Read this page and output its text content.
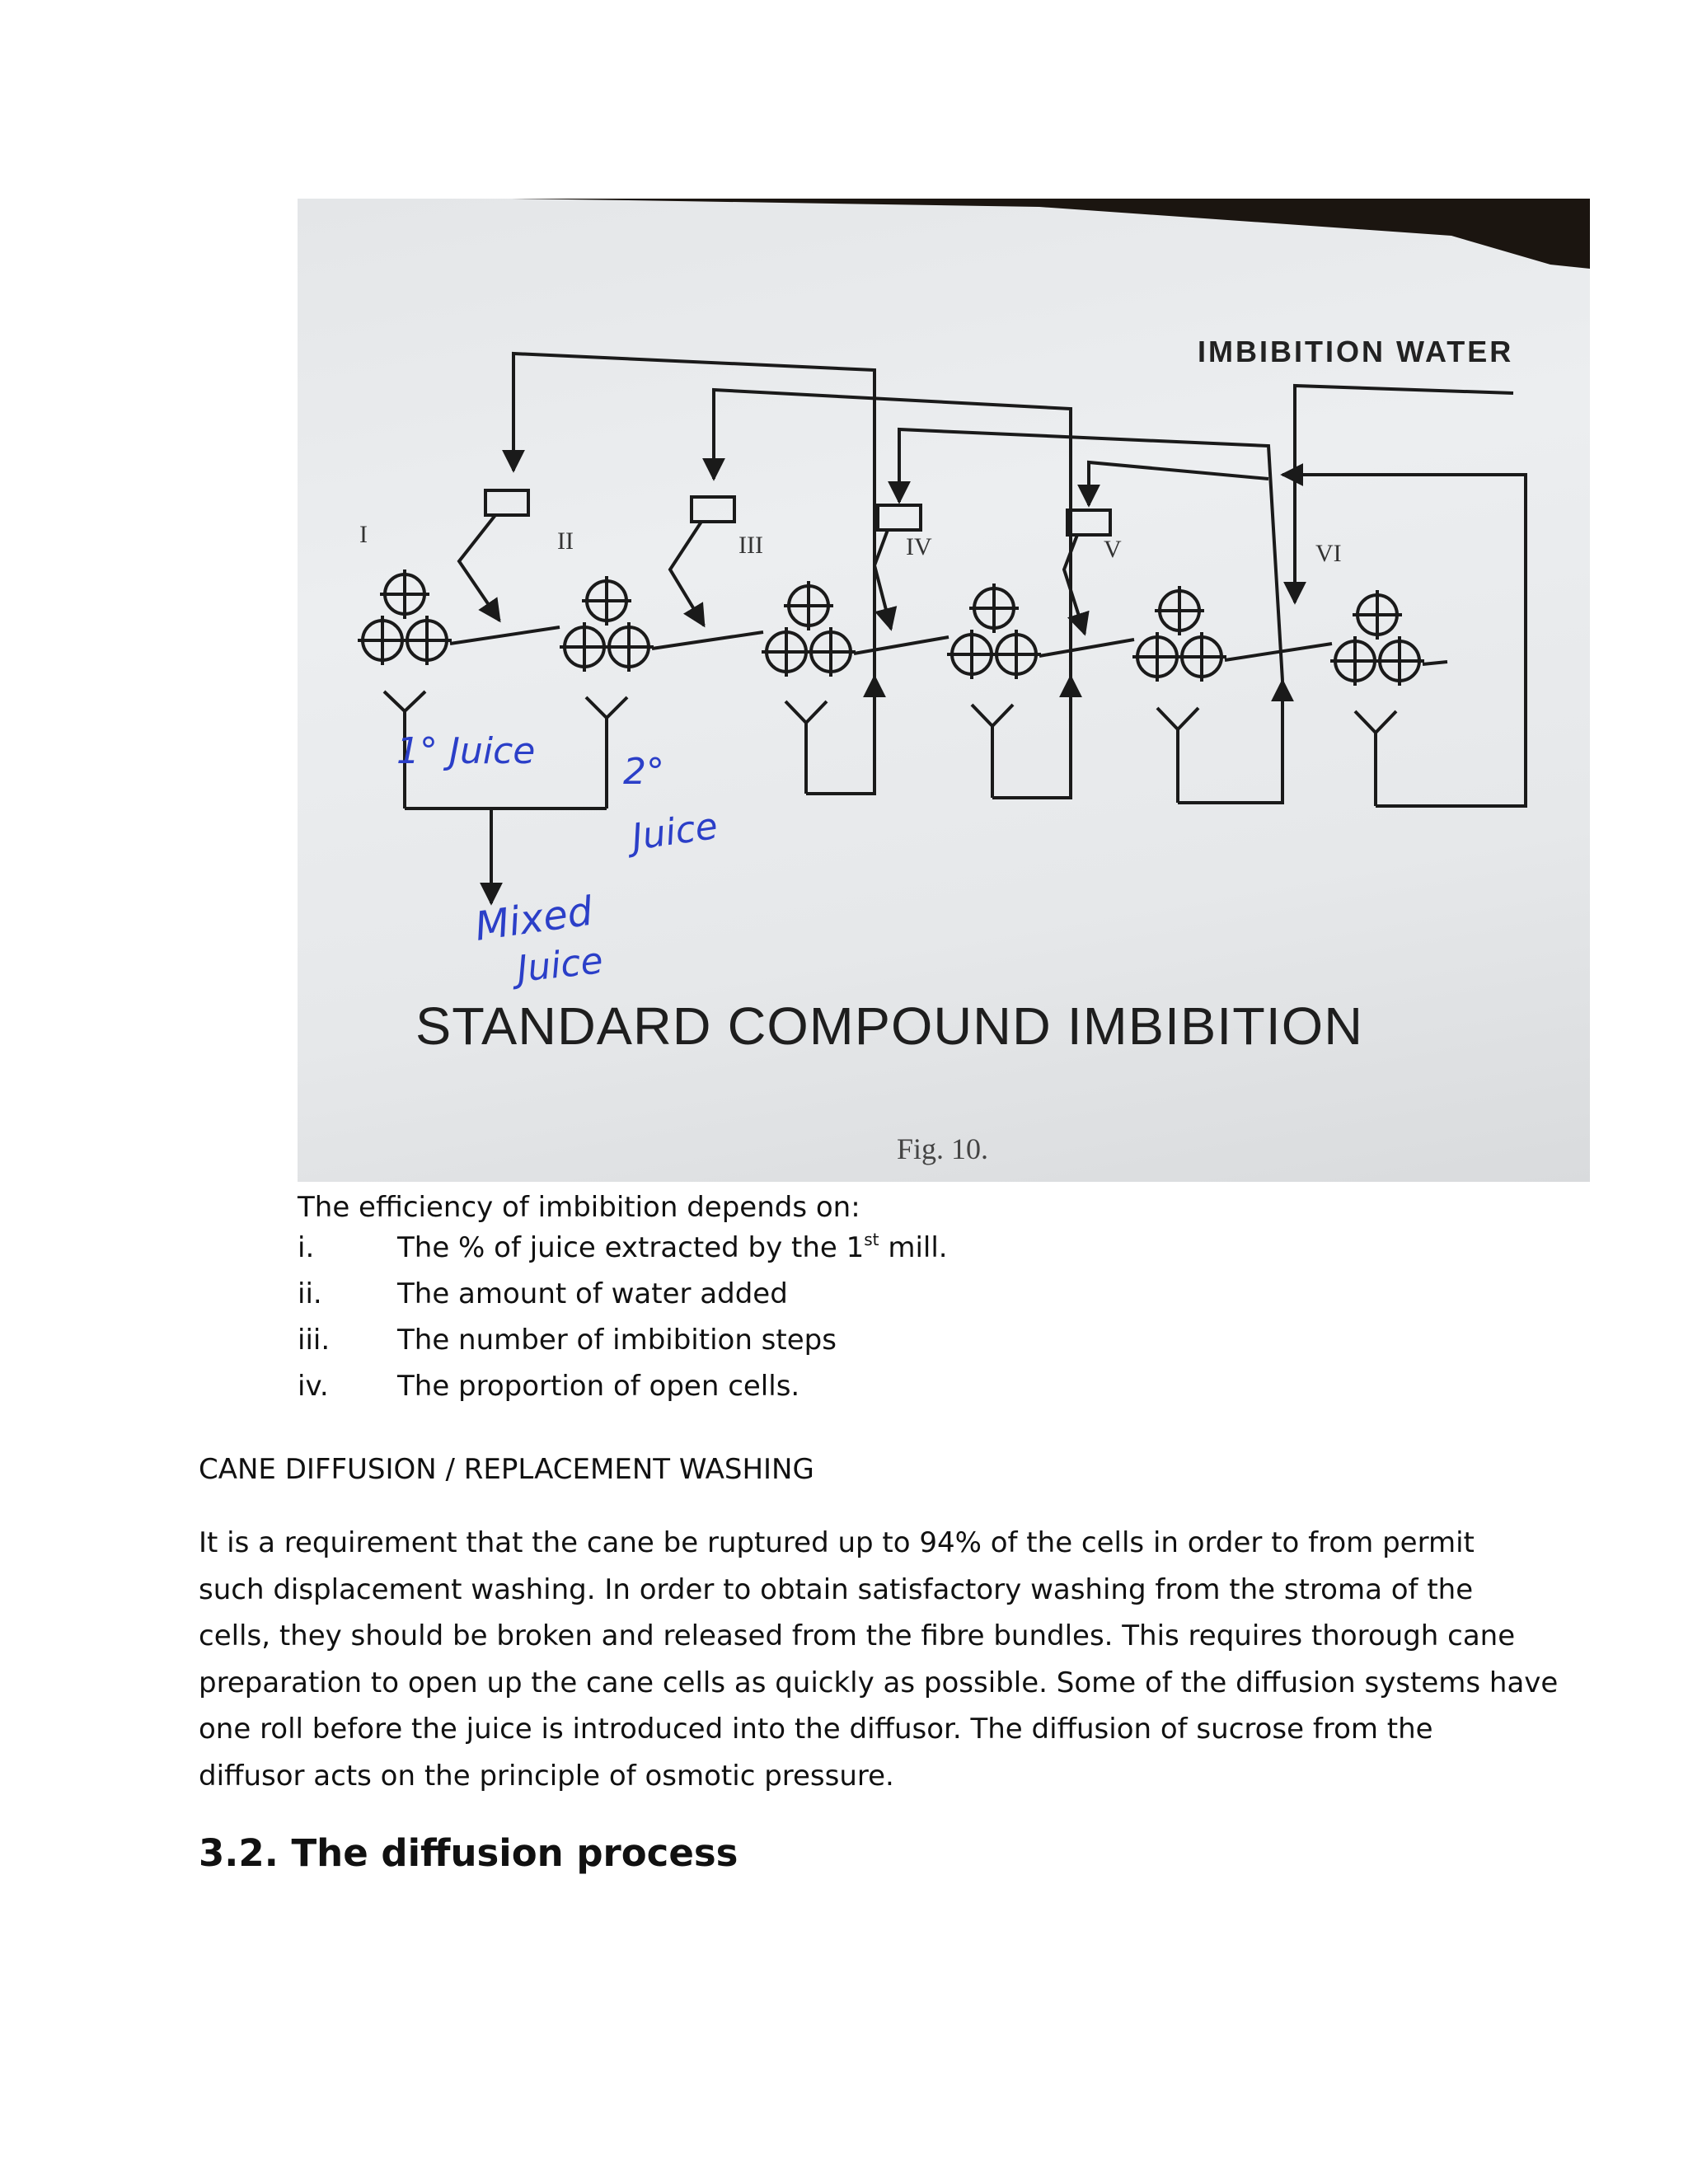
IMBIBITION WATER
I	II	III	IV	V	VI
1° Juice 2°
Juice
Mixed
Juice
STANDARD COMPOUND IMBIBITION
Fig. 10.
The efficiency of imbibition depends on:
i.	The % of juice extracted by the 1st mill.
ii.	The amount of water added
iii. The number of imbibition steps
iv. The proportion of open cells.
CANE DIFFUSION / REPLACEMENT WASHING
It is a requirement that the cane be ruptured up to 94% of the cells in order to from permit
such displacement washing. In order to obtain satisfactory washing from the stroma of the
cells, they should be broken and released from the fibre bundles. This requires thorough cane
preparation to open up the cane cells as quickly as possible. Some of the diffusion systems have
one roll before the juice is introduced into the diffusor. The diffusion of sucrose from the
diffusor acts on the principle of osmotic pressure.
3.2. The diffusion process
